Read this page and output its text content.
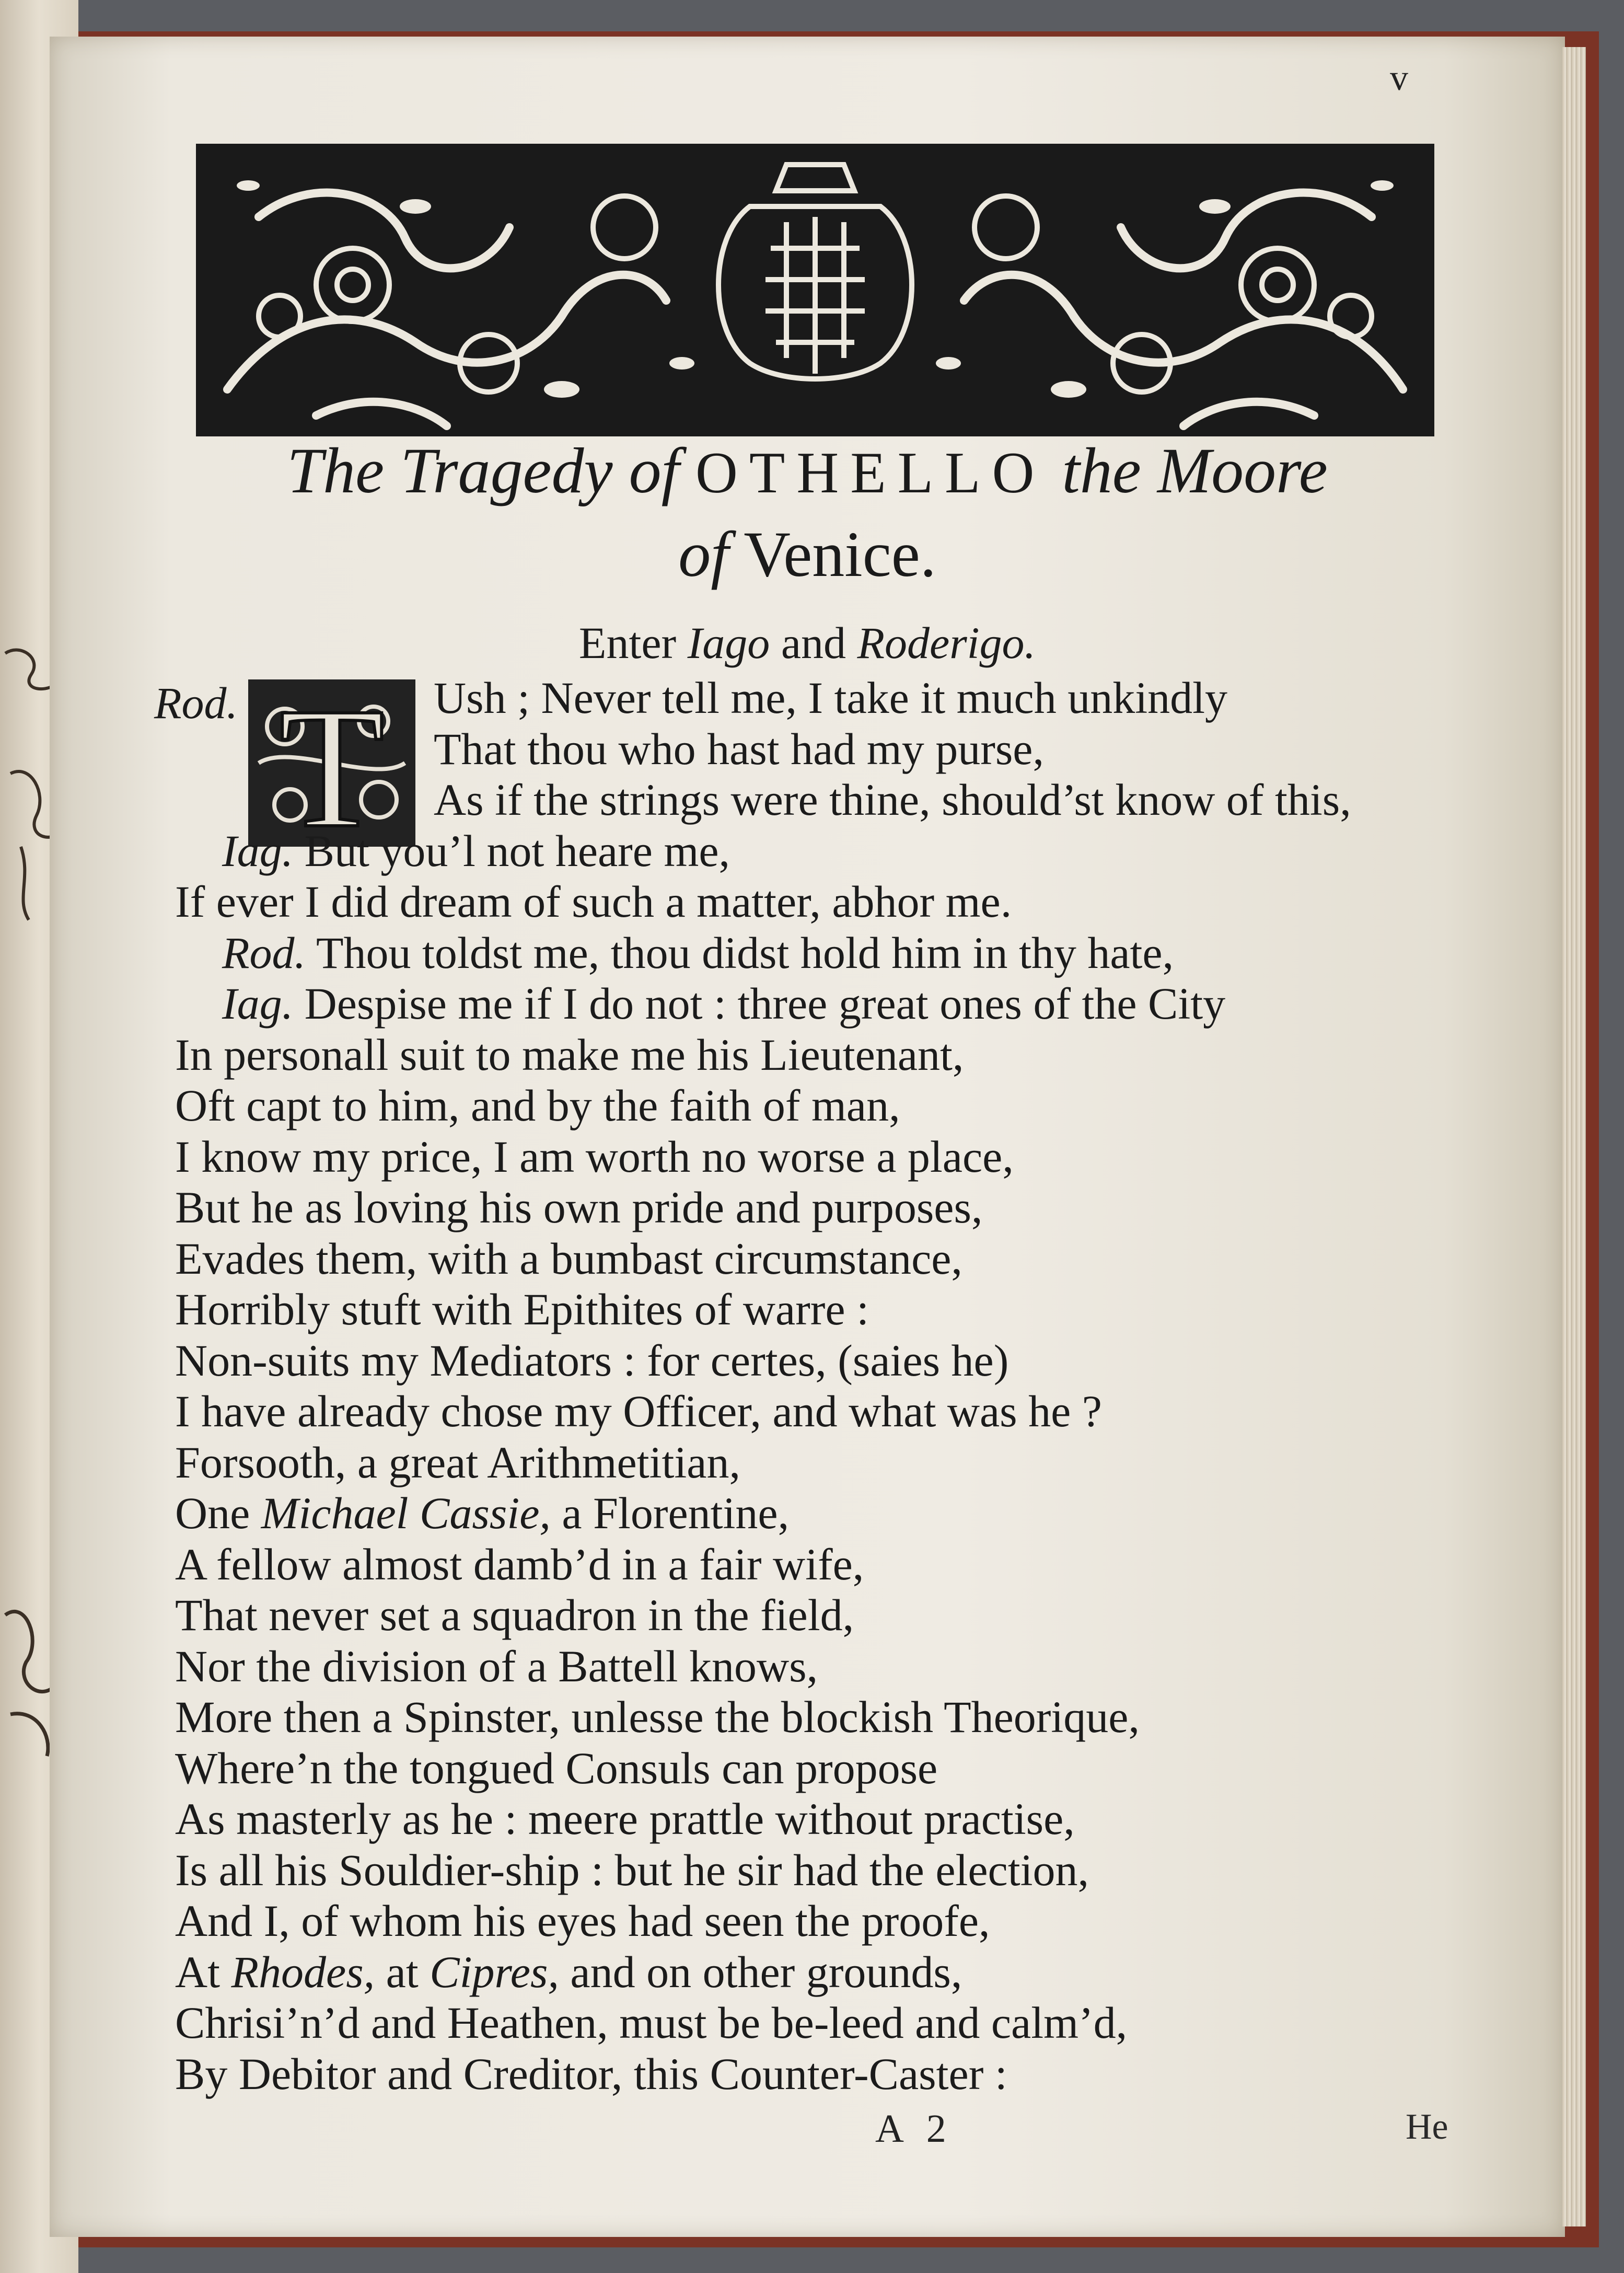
v
The Tragedy of OTHELLO the Moore
of Venice.
Enter Iago and Roderigo.
T
Rod.	Ush ; Never tell me, I take it much unkindly
That thou who hast had my purse,
As if the strings were thine, should’st know of this,
Iag. But you’l not heare me,
If ever I did dream of such a matter, abhor me.
Rod. Thou toldst me, thou didst hold him in thy hate,
Iag. Despise me if I do not : three great ones of the City
In personall suit to make me his Lieutenant,
Oft capt to him, and by the faith of man,
I know my price, I am worth no worse a place,
But he as loving his own pride and purposes,
Evades them, with a bumbast circumstance,
Horribly stuft with Epithites of warre :
Non-suits my Mediators : for certes, (saies he)
I have already chose my Officer, and what was he ?
Forsooth, a great Arithmetitian,
One Michael Cassie, a Florentine,
A fellow almost damb’d in a fair wife,
That never set a squadron in the field,
Nor the division of a Battell knows,
More then a Spinster, unlesse the blockish Theorique,
Where’n the tongued Consuls can propose
As masterly as he : meere prattle without practise,
Is all his Souldier-ship : but he sir had the election,
And I, of whom his eyes had seen the proofe,
At Rhodes, at Cipres, and on other grounds,
Chrisi’n’d and Heathen, must be be-leed and calm’d,
By Debitor and Creditor, this Counter-Caster :
A 2	He
